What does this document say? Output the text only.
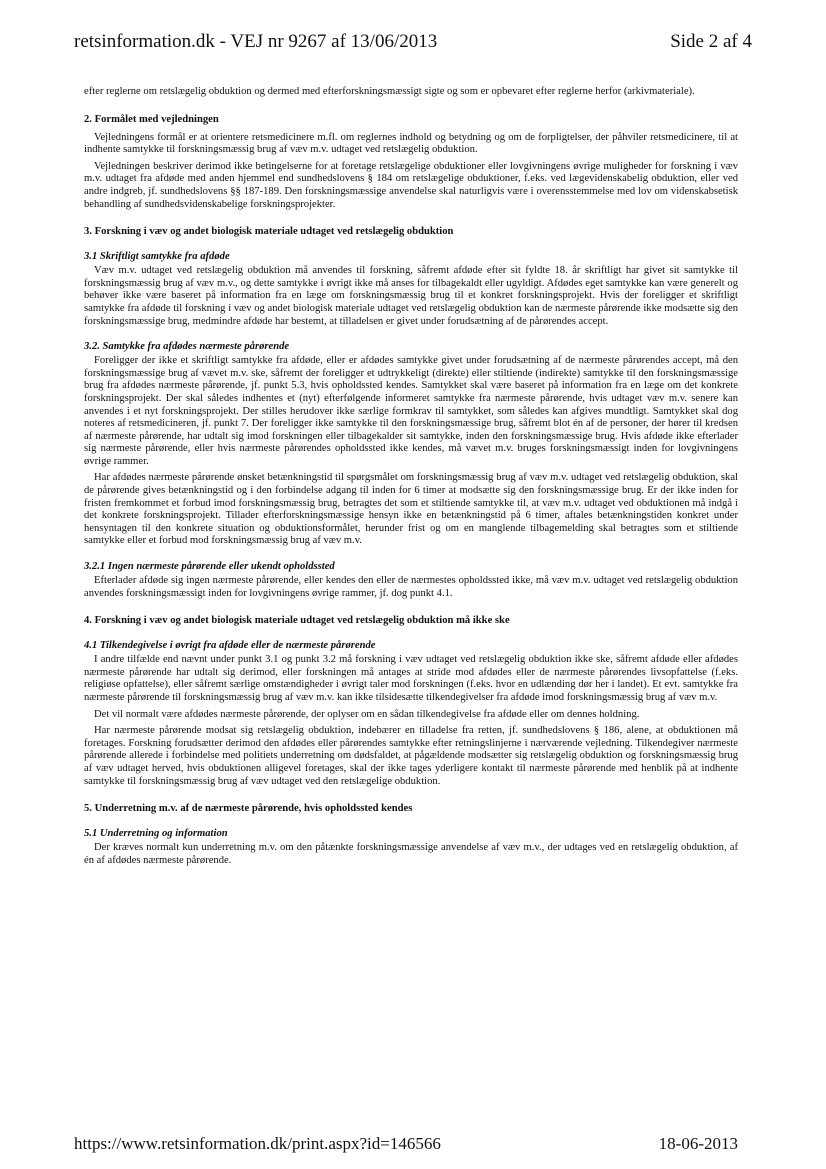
retsinformation.dk - VEJ nr 9267 af 13/06/2013	Side 2 af 4

efter reglerne om retslægelig obduktion og dermed med efterforskningsmæssigt sigte og som er opbevaret efter reglerne herfor (arkivmateriale).

2. Formålet med vejledningen

Vejledningens formål er at orientere retsmedicinere m.fl. om reglernes indhold og betydning og om de forpligtelser, der påhviler retsmedicinere, til at indhente samtykke til forskningsmæssig brug af væv m.v. udtaget ved retslægelig obduktion.

Vejledningen beskriver derimod ikke betingelserne for at foretage retslægelige obduktioner eller lovgivningens øvrige muligheder for forskning i væv m.v. udtaget fra afdøde med anden hjemmel end sundhedslovens § 184 om retslægelige obduktioner, f.eks. ved lægevidenskabelig obduktion, eller ved andre indgreb, jf. sundhedslovens §§ 187-189. Den forskningsmæssige anvendelse skal naturligvis være i overensstemmelse med lov om videnskabsetisk behandling af sundhedsvidenskabelige forskningsprojekter.

3. Forskning i væv og andet biologisk materiale udtaget ved retslægelig obduktion
3.1 Skriftligt samtykke fra afdøde

Væv m.v. udtaget ved retslægelig obduktion må anvendes til forskning, såfremt afdøde efter sit fyldte 18. år skriftligt har givet sit samtykke til forskningsmæssig brug af væv m.v., og dette samtykke i øvrigt ikke må anses for tilbagekaldt eller ugyldigt. Afdødes eget samtykke kan være generelt og behøver ikke være baseret på information fra en læge om forskningsmæssig brug til et konkret forskningsprojekt. Hvis der foreligger et skriftligt samtykke fra afdøde til forskning i væv og andet biologisk materiale udtaget ved retslægelig obduktion kan de nærmeste pårørende ikke modsætte sig den forskningsmæssige brug, medmindre afdøde har bestemt, at tilladelsen er givet under forudsætning af de pårørendes accept.

3.2. Samtykke fra afdødes nærmeste pårørende

Foreligger der ikke et skriftligt samtykke fra afdøde, eller er afdødes samtykke givet under forudsætning af de nærmeste pårørendes accept, må den forskningsmæssige brug af vævet m.v. ske, såfremt der foreligger et udtrykkeligt (direkte) eller stiltiende (indirekte) samtykke til den forskningsmæssige brug fra afdødes nærmeste pårørende, jf. punkt 5.3, hvis opholdssted kendes. Samtykket skal være baseret på information fra en læge om det konkrete forskningsprojekt. Der skal således indhentes et (nyt) efterfølgende informeret samtykke fra nærmeste pårørende, hvis udtaget væv m.v. senere kan anvendes i et nyt forskningsprojekt. Der stilles herudover ikke særlige formkrav til samtykket, som således kan afgives mundtligt. Samtykket skal dog noteres af retsmedicineren, jf. punkt 7. Der foreligger ikke samtykke til den forskningsmæssige brug, såfremt blot én af de personer, der hører til kredsen af nærmeste pårørende, har udtalt sig imod forskningen eller tilbagekalder sit samtykke, inden den forskningsmæssige brug. Hvis afdøde ikke efterlader sig nærmeste pårørende, eller hvis nærmeste pårørendes opholdssted ikke kendes, må vævet m.v. bruges forskningsmæssigt inden for lovgivningens øvrige rammer.

Har afdødes nærmeste pårørende ønsket betænkningstid til spørgsmålet om forskningsmæssig brug af væv m.v. udtaget ved retslægelig obduktion, skal de pårørende gives betænkningstid og i den forbindelse adgang til inden for 6 timer at modsætte sig den forskningsmæssige brug. Er der ikke inden for fristen fremkommet et forbud imod forskningsmæssig brug, betragtes det som et stiltiende samtykke til, at væv m.v. udtaget ved obduktionen må indgå i det konkrete forskningsprojekt. Tillader efterforskningsmæssige hensyn ikke en betænkningstid på 6 timer, aftales betænkningstiden konkret under hensyntagen til den konkrete situation og obduktionsformålet, herunder frist og om en manglende tilbagemelding skal betragtes som et stiltiende samtykke eller et forbud mod forskningsmæssig brug af væv m.v.

3.2.1 Ingen nærmeste pårørende eller ukendt opholdssted

Efterlader afdøde sig ingen nærmeste pårørende, eller kendes den eller de nærmestes opholdssted ikke, må væv m.v. udtaget ved retslægelig obduktion anvendes forskningsmæssigt inden for lovgivningens øvrige rammer, jf. dog punkt 4.1.

4. Forskning i væv og andet biologisk materiale udtaget ved retslægelig obduktion må ikke ske
4.1 Tilkendegivelse i øvrigt fra afdøde eller de nærmeste pårørende

I andre tilfælde end nævnt under punkt 3.1 og punkt 3.2 må forskning i væv udtaget ved retslægelig obduktion ikke ske, såfremt afdøde eller afdødes nærmeste pårørende har udtalt sig derimod, eller forskningen må antages at stride mod afdødes eller de nærmeste pårørendes livsopfattelse (f.eks. religiøse opfattelse), eller såfremt særlige omstændigheder i øvrigt taler mod forskningen (f.eks. hvor en udlænding dør her i landet). Et evt. samtykke fra nærmeste pårørende til forskningsmæssig brug af væv m.v. kan ikke tilsidesætte tilkendegivelser fra afdøde imod forskningsmæssig brug af væv m.v.

Det vil normalt være afdødes nærmeste pårørende, der oplyser om en sådan tilkendegivelse fra afdøde eller om dennes holdning.

Har nærmeste pårørende modsat sig retslægelig obduktion, indebærer en tilladelse fra retten, jf. sundhedslovens § 186, alene, at obduktionen må foretages. Forskning forudsætter derimod den afdødes eller pårørendes samtykke efter retningslinjerne i nærværende vejledning. Tilkendegiver nærmeste pårørende allerede i forbindelse med politiets underretning om dødsfaldet, at pågældende modsætter sig retslægelig obduktion og forskningsmæssig brug af væv udtaget herved, hvis obduktionen alligevel foretages, skal der ikke tages yderligere kontakt til nærmeste pårørende med henblik på at indhente samtykke til forskningsmæssig brug af væv udtaget ved den retslægelige obduktion.

5. Underretning m.v. af de nærmeste pårørende, hvis opholdssted kendes
5.1 Underretning og information

Der kræves normalt kun underretning m.v. om den påtænkte forskningsmæssige anvendelse af væv m.v., der udtages ved en retslægelig obduktion, af én af afdødes nærmeste pårørende.

https://www.retsinformation.dk/print.aspx?id=146566	18-06-2013
